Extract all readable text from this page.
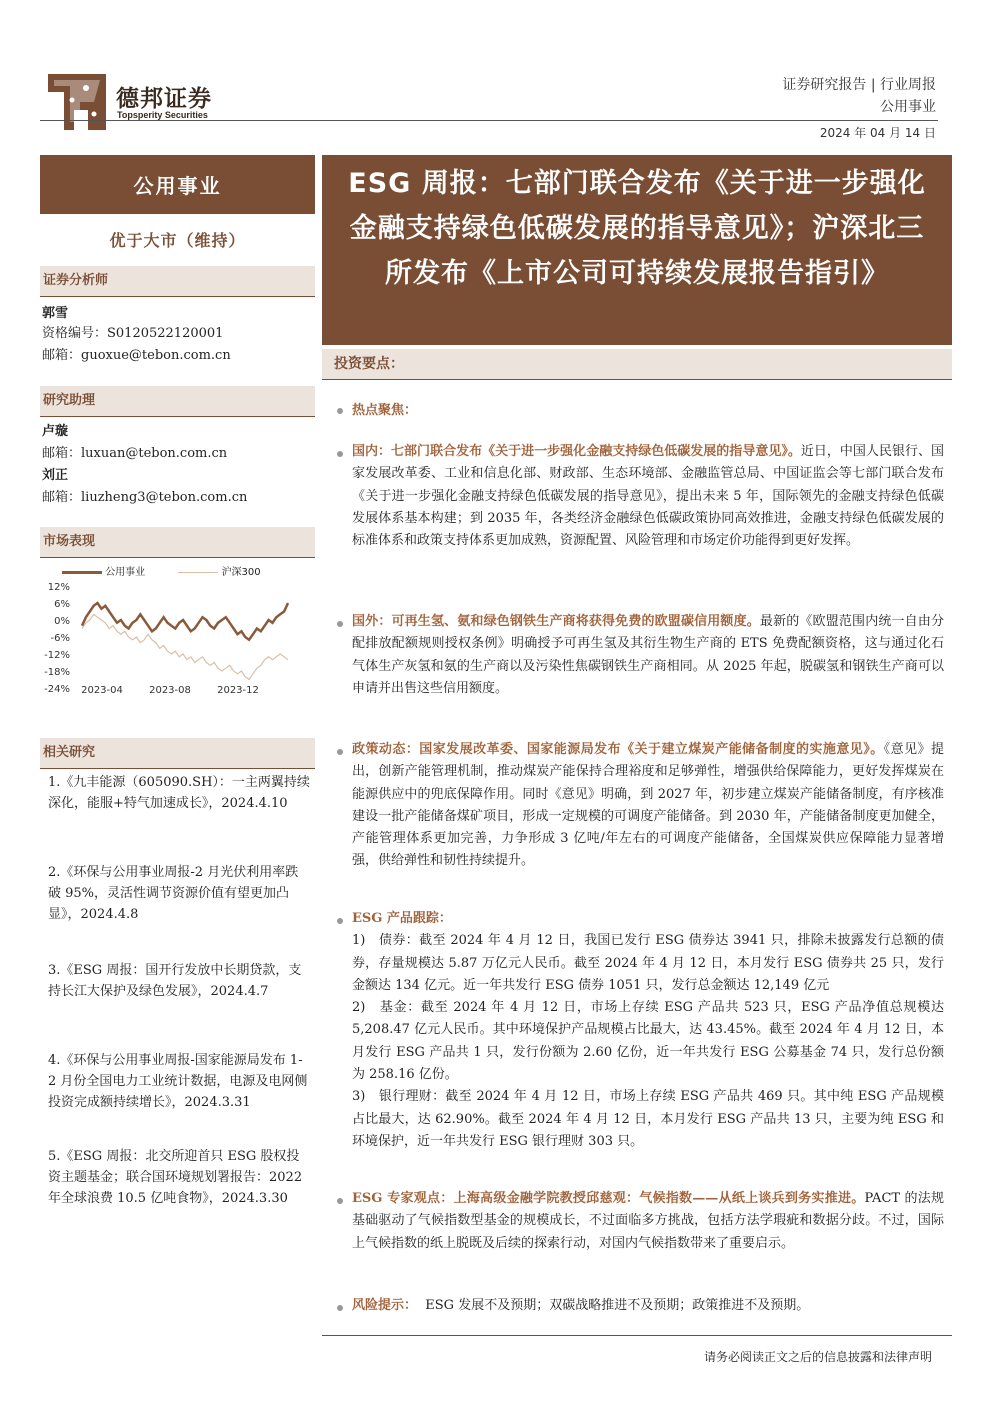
德邦证券
Topsperity Securities
证券研究报告 | 行业周报
公用事业
2024 年 04 月 14 日
公用事业
优于大市（维持）
证券分析师
郭雪
资格编号：S0120522120001
邮箱：guoxue@tebon.com.cn
研究助理
卢璇
邮箱：luxuan@tebon.com.cn
刘正
邮箱：liuzheng3@tebon.com.cn
市场表现
公用事业	沪深300
12%
6%
0%
-6%
-12%
-18%
-24% 2023-04	2023-08	2023-12
相关研究
1.《九丰能源（605090.SH）：一主两翼持续深化，能服+特气加速成长》，2024.4.10
2.《环保与公用事业周报-2 月光伏利用率跌破 95%，灵活性调节资源价值有望更加凸显》，2024.4.8
3.《ESG 周报：国开行发放中长期贷款，支持长江大保护及绿色发展》，2024.4.7
4.《环保与公用事业周报-国家能源局发布 1-2 月份全国电力工业统计数据，电源及电网侧投资完成额持续增长》，2024.3.31
5.《ESG 周报：北交所迎首只 ESG 股权投资主题基金；联合国环境规划署报告：2022 年全球浪费 10.5 亿吨食物》，2024.3.30
ESG 周报：七部门联合发布《关于进一步强化金融支持绿色低碳发展的指导意见》；沪深北三所发布《上市公司可持续发展报告指引》
投资要点：
热点聚焦：
国内：七部门联合发布《关于进一步强化金融支持绿色低碳发展的指导意见》。近日，中国人民银行、国家发展改革委、工业和信息化部、财政部、生态环境部、金融监管总局、中国证监会等七部门联合发布《关于进一步强化金融支持绿色低碳发展的指导意见》，提出未来 5 年，国际领先的金融支持绿色低碳发展体系基本构建；到 2035 年，各类经济金融绿色低碳政策协同高效推进，金融支持绿色低碳发展的标准体系和政策支持体系更加成熟，资源配置、风险管理和市场定价功能得到更好发挥。
国外：可再生氢、氨和绿色钢铁生产商将获得免费的欧盟碳信用额度。最新的《欧盟范围内统一自由分配排放配额规则授权条例》明确授予可再生氢及其衍生物生产商的 ETS 免费配额资格，这与通过化石气体生产灰氢和氨的生产商以及污染性焦碳钢铁生产商相同。从 2025 年起，脱碳氢和钢铁生产商可以申请并出售这些信用额度。
政策动态：国家发展改革委、国家能源局发布《关于建立煤炭产能储备制度的实施意见》。《意见》提出，创新产能管理机制，推动煤炭产能保持合理裕度和足够弹性，增强供给保障能力，更好发挥煤炭在能源供应中的兜底保障作用。同时《意见》明确，到 2027 年，初步建立煤炭产能储备制度，有序核准建设一批产能储备煤矿项目，形成一定规模的可调度产能储备。到 2030 年，产能储备制度更加健全，产能管理体系更加完善，力争形成 3 亿吨/年左右的可调度产能储备，全国煤炭供应保障能力显著增强，供给弹性和韧性持续提升。
ESG 产品跟踪：
1)　债券：截至 2024 年 4 月 12 日，我国已发行 ESG 债券达 3941 只，排除未披露发行总额的债券，存量规模达 5.87 万亿元人民币。截至 2024 年 4 月 12 日，本月发行 ESG 债券共 25 只，发行金额达 134 亿元。近一年共发行 ESG 债券 1051 只，发行总金额达 12,149 亿元
2)　基金：截至 2024 年 4 月 12 日，市场上存续 ESG 产品共 523 只，ESG 产品净值总规模达 5,208.47 亿元人民币。其中环境保护产品规模占比最大，达 43.45%。截至 2024 年 4 月 12 日，本月发行 ESG 产品共 1 只，发行份额为 2.60 亿份，近一年共发行 ESG 公募基金 74 只，发行总份额为 258.16 亿份。
3)　银行理财：截至 2024 年 4 月 12 日，市场上存续 ESG 产品共 469 只。其中纯 ESG 产品规模占比最大，达 62.90%。截至 2024 年 4 月 12 日，本月发行 ESG 产品共 13 只，主要为纯 ESG 和环境保护，近一年共发行 ESG 银行理财 303 只。
ESG 专家观点：上海高级金融学院教授邱慈观：气候指数——从纸上谈兵到务实推进。PACT 的法规基础驱动了气候指数型基金的规模成长，不过面临多方挑战，包括方法学瑕疵和数据分歧。不过，国际上气候指数的纸上脱既及后续的探索行动，对国内气候指数带来了重要启示。
风险提示： ESG 发展不及预期；双碳战略推进不及预期；政策推进不及预期。
请务必阅读正文之后的信息披露和法律声明
